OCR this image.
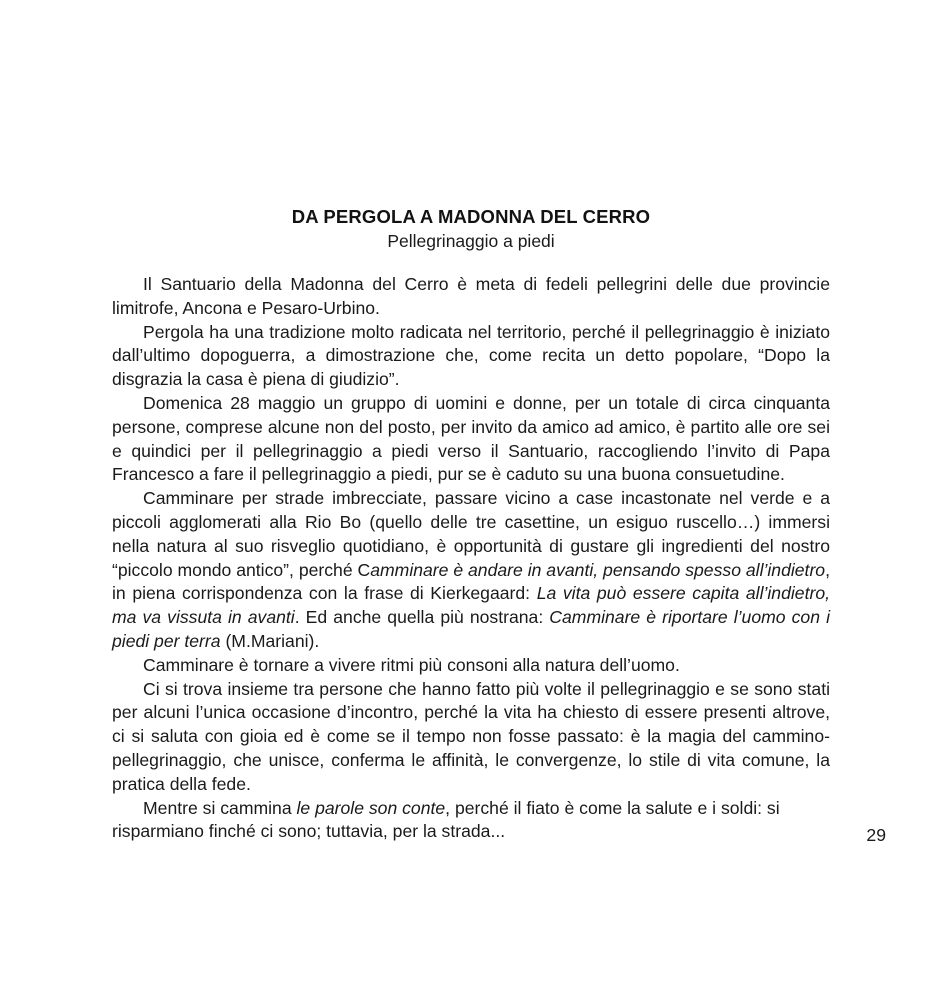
DA PERGOLA A MADONNA DEL CERRO
Pellegrinaggio a piedi

Il Santuario della Madonna del Cerro è meta di fedeli pellegrini delle due provincie limitrofe, Ancona e Pesaro-Urbino.

Pergola ha una tradizione molto radicata nel territorio, perché il pellegrinaggio è iniziato dall’ultimo dopoguerra, a dimostrazione che, come recita un detto popolare, “Dopo la disgrazia la casa è piena di giudizio”.

Domenica 28 maggio un gruppo di uomini e donne, per un totale di circa cinquanta persone, comprese alcune non del posto, per invito da amico ad amico, è partito alle ore sei e quindici per il pellegrinaggio a piedi verso il Santuario, raccogliendo l’invito di Papa Francesco a fare il pellegrinaggio a piedi, pur se è caduto su una buona consuetudine.

Camminare per strade imbrecciate, passare vicino a case incastonate nel verde e a piccoli agglomerati alla Rio Bo (quello delle tre casettine, un esiguo ruscello…) immersi nella natura al suo risveglio quotidiano, è opportunità di gustare gli ingredienti del nostro “piccolo mondo antico”, perché Camminare è andare in avanti, pensando spesso all’indietro, in piena corrispondenza con la frase di Kierkegaard: La vita può essere capita all’indietro, ma va vissuta in avanti. Ed anche quella più nostrana: Camminare è riportare l’uomo con i piedi per terra (M.Mariani).

Camminare è tornare a vivere ritmi più consoni alla natura dell’uomo.

Ci si trova insieme tra persone che hanno fatto più volte il pellegrinaggio e se sono stati per alcuni l’unica occasione d’incontro, perché la vita ha chiesto di essere presenti altrove, ci si saluta con gioia ed è come se il tempo non fosse passato: è la magia del cammino-pellegrinaggio, che unisce, conferma le affinità, le convergenze, lo stile di vita comune, la pratica della fede.

Mentre si cammina le parole son conte, perché il fiato è come la salute e i soldi: si risparmiano finché ci sono; tuttavia, per la strada...	29
